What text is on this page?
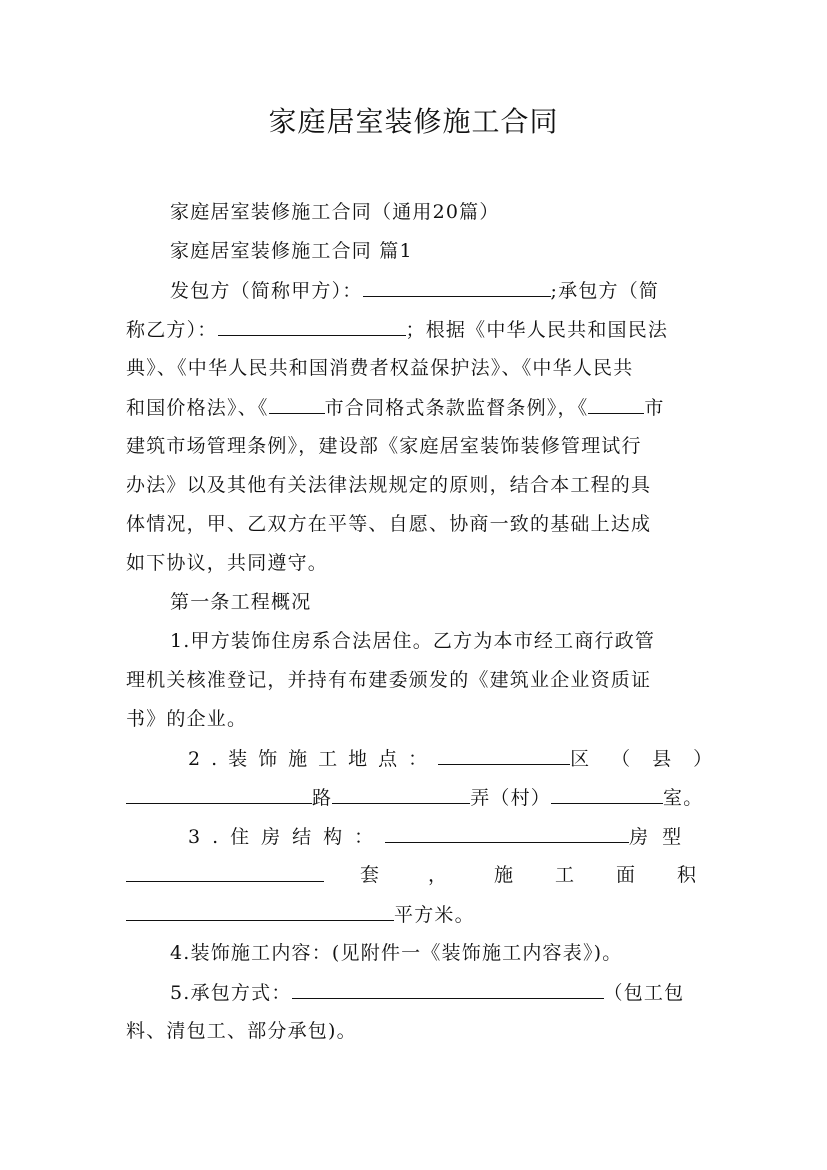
家庭居室装修施工合同
家庭居室装修施工合同（通用20篇）
家庭居室装修施工合同 篇1
发包方（简称甲方）：	;承包方（简
称乙方）：	；根据《中华人民共和国民法
典》、《中华人民共和国消费者权益保护法》、《中华人民共
和国价格法》、《	市合同格式条款监督条例》，《	市
建筑市场管理条例》，建设部《家庭居室装饰装修管理试行
办法》以及其他有关法律法规规定的原则，结合本工程的具
体情况，甲、乙双方在平等、自愿、协商一致的基础上达成
如下协议，共同遵守。
第一条工程概况
1.甲方装饰住房系合法居住。乙方为本市经工商行政管
理机关核准登记，并持有布建委颁发的《建筑业企业资质证
书》的企业。
2.装饰施工地点：	区（县）
路	弄（村）	室。
3.住房结构：	房型
套	， 施工面积
平方米。
4.装饰施工内容：(见附件一《装饰施工内容表》)。
5.承包方式：	（包工包
料、清包工、部分承包)。
